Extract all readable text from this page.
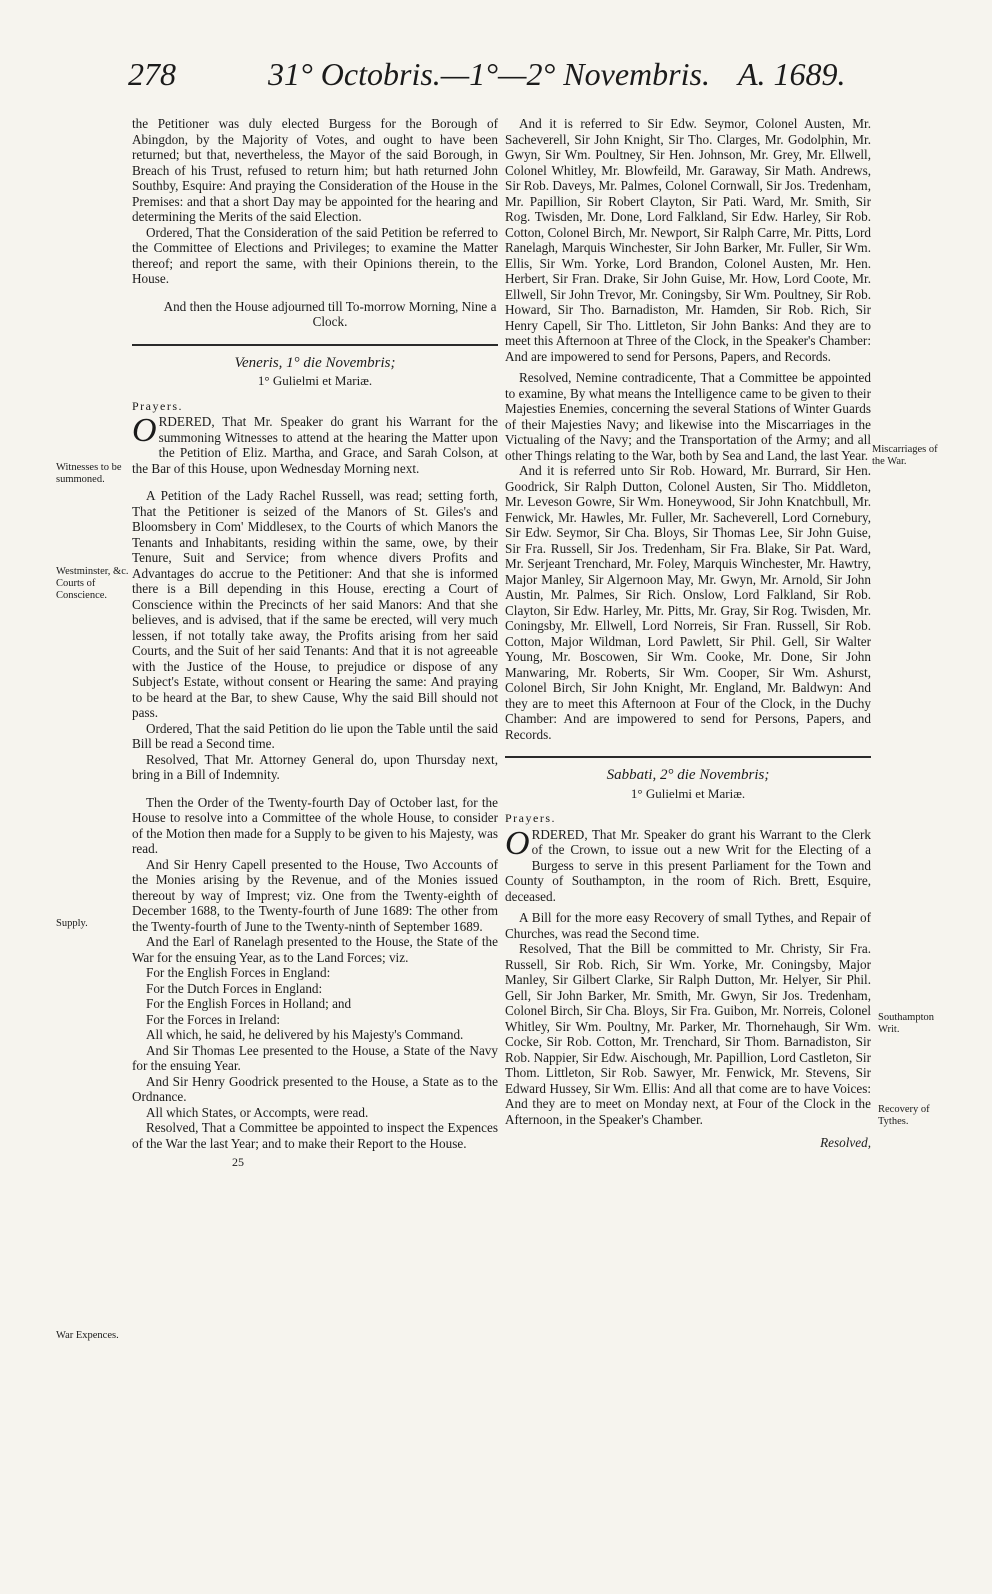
278	31° Octobris.—1°—2° Novembris. A. 1689.

the Petitioner was duly elected Burgess for the Borough of Abingdon, by the Majority of Votes, and ought to have been returned; but that, nevertheless, the Mayor of the said Borough, in Breach of his Trust, refused to return him; but hath returned John Southby, Esquire: And praying the Consideration of the House in the Premises: and that a short Day may be appointed for the hearing and determining the Merits of the said Election.

Ordered, That the Consideration of the said Petition be referred to the Committee of Elections and Privileges; to examine the Matter thereof; and report the same, with their Opinions therein, to the House.

And then the House adjourned till To-morrow Morning, Nine a Clock.

Veneris, 1° die Novembris;
1° Gulielmi et Mariæ.

Prayers.

ORDERED, That Mr. Speaker do grant his Warrant for the summoning Witnesses to attend at the hearing the Matter upon the Petition of Eliz. Martha, and Grace, and Sarah Colson, at the Bar of this House, upon Wednesday Morning next.

A Petition of the Lady Rachel Russell, was read; setting forth, That the Petitioner is seized of the Manors of St. Giles's and Bloomsbery in Com' Middlesex, to the Courts of which Manors the Tenants and Inhabitants, residing within the same, owe, by their Tenure, Suit and Service; from whence divers Profits and Advantages do accrue to the Petitioner: And that she is informed there is a Bill depending in this House, erecting a Court of Conscience within the Precincts of her said Manors: And that she believes, and is advised, that if the same be erected, will very much lessen, if not totally take away, the Profits arising from her said Courts, and the Suit of her said Tenants: And that it is not agreeable with the Justice of the House, to prejudice or dispose of any Subject's Estate, without consent or Hearing the same: And praying to be heard at the Bar, to shew Cause, Why the said Bill should not pass.

Ordered, That the said Petition do lie upon the Table until the said Bill be read a Second time.

Resolved, That Mr. Attorney General do, upon Thursday next, bring in a Bill of Indemnity.

Then the Order of the Twenty-fourth Day of October last, for the House to resolve into a Committee of the whole House, to consider of the Motion then made for a Supply to be given to his Majesty, was read.

And Sir Henry Capell presented to the House, Two Accounts of the Monies arising by the Revenue, and of the Monies issued thereout by way of Imprest; viz. One from the Twenty-eighth of December 1688, to the Twenty-fourth of June 1689: The other from the Twenty-fourth of June to the Twenty-ninth of September 1689.

And the Earl of Ranelagh presented to the House, the State of the War for the ensuing Year, as to the Land Forces; viz.

For the English Forces in England:

For the Dutch Forces in England:

For the English Forces in Holland; and

For the Forces in Ireland:

All which, he said, he delivered by his Majesty's Command.

And Sir Thomas Lee presented to the House, a State of the Navy for the ensuing Year.

And Sir Henry Goodrick presented to the House, a State as to the Ordnance.

All which States, or Accompts, were read.

Resolved, That a Committee be appointed to inspect the Expences of the War the last Year; and to make their Report to the House.

25

And it is referred to Sir Edw. Seymor, Colonel Austen, Mr. Sacheverell, Sir John Knight, Sir Tho. Clarges, Mr. Godolphin, Mr. Gwyn, Sir Wm. Poultney, Sir Hen. Johnson, Mr. Grey, Mr. Ellwell, Colonel Whitley, Mr. Blowfeild, Mr. Garaway, Sir Math. Andrews, Sir Rob. Daveys, Mr. Palmes, Colonel Cornwall, Sir Jos. Tredenham, Mr. Papillion, Sir Robert Clayton, Sir Pati. Ward, Mr. Smith, Sir Rog. Twisden, Mr. Done, Lord Falkland, Sir Edw. Harley, Sir Rob. Cotton, Colonel Birch, Mr. Newport, Sir Ralph Carre, Mr. Pitts, Lord Ranelagh, Marquis Winchester, Sir John Barker, Mr. Fuller, Sir Wm. Ellis, Sir Wm. Yorke, Lord Brandon, Colonel Austen, Mr. Hen. Herbert, Sir Fran. Drake, Sir John Guise, Mr. How, Lord Coote, Mr. Ellwell, Sir John Trevor, Mr. Coningsby, Sir Wm. Poultney, Sir Rob. Howard, Sir Tho. Barnadiston, Mr. Hamden, Sir Rob. Rich, Sir Henry Capell, Sir Tho. Littleton, Sir John Banks: And they are to meet this Afternoon at Three of the Clock, in the Speaker's Chamber: And are impowered to send for Persons, Papers, and Records.

Resolved, Nemine contradicente, That a Committee be appointed to examine, By what means the Intelligence came to be given to their Majesties Enemies, concerning the several Stations of Winter Guards of their Majesties Navy; and likewise into the Miscarriages in the Victualing of the Navy; and the Transportation of the Army; and all other Things relating to the War, both by Sea and Land, the last Year.

And it is referred unto Sir Rob. Howard, Mr. Burrard, Sir Hen. Goodrick, Sir Ralph Dutton, Colonel Austen, Sir Tho. Middleton, Mr. Leveson Gowre, Sir Wm. Honeywood, Sir John Knatchbull, Mr. Fenwick, Mr. Hawles, Mr. Fuller, Mr. Sacheverell, Lord Cornebury, Sir Edw. Seymor, Sir Cha. Bloys, Sir Thomas Lee, Sir John Guise, Sir Fra. Russell, Sir Jos. Tredenham, Sir Fra. Blake, Sir Pat. Ward, Mr. Serjeant Trenchard, Mr. Foley, Marquis Winchester, Mr. Hawtry, Major Manley, Sir Algernoon May, Mr. Gwyn, Mr. Arnold, Sir John Austin, Mr. Palmes, Sir Rich. Onslow, Lord Falkland, Sir Rob. Clayton, Sir Edw. Harley, Mr. Pitts, Mr. Gray, Sir Rog. Twisden, Mr. Coningsby, Mr. Ellwell, Lord Norreis, Sir Fran. Russell, Sir Rob. Cotton, Major Wildman, Lord Pawlett, Sir Phil. Gell, Sir Walter Young, Mr. Boscowen, Sir Wm. Cooke, Mr. Done, Sir John Manwaring, Mr. Roberts, Sir Wm. Cooper, Sir Wm. Ashurst, Colonel Birch, Sir John Knight, Mr. England, Mr. Baldwyn: And they are to meet this Afternoon at Four of the Clock, in the Duchy Chamber: And are impowered to send for Persons, Papers, and Records.

Sabbati, 2° die Novembris;
1° Gulielmi et Mariæ.

Prayers.

ORDERED, That Mr. Speaker do grant his Warrant to the Clerk of the Crown, to issue out a new Writ for the Electing of a Burgess to serve in this present Parliament for the Town and County of Southampton, in the room of Rich. Brett, Esquire, deceased.

A Bill for the more easy Recovery of small Tythes, and Repair of Churches, was read the Second time.

Resolved, That the Bill be committed to Mr. Christy, Sir Fra. Russell, Sir Rob. Rich, Sir Wm. Yorke, Mr. Coningsby, Major Manley, Sir Gilbert Clarke, Sir Ralph Dutton, Mr. Helyer, Sir Phil. Gell, Sir John Barker, Mr. Smith, Mr. Gwyn, Sir Jos. Tredenham, Colonel Birch, Sir Cha. Bloys, Sir Fra. Guibon, Mr. Norreis, Colonel Whitley, Sir Wm. Poultny, Mr. Parker, Mr. Thornehaugh, Sir Wm. Cocke, Sir Rob. Cotton, Mr. Trenchard, Sir Thom. Barnadiston, Sir Rob. Nappier, Sir Edw. Aischough, Mr. Papillion, Lord Castleton, Sir Thom. Littleton, Sir Rob. Sawyer, Mr. Fenwick, Mr. Stevens, Sir Edward Hussey, Sir Wm. Ellis: And all that come are to have Voices: And they are to meet on Monday next, at Four of the Clock in the Afternoon, in the Speaker's Chamber.

Resolved,
Witnesses to be summoned.
Westminster, &c. Courts of Conscience.
Supply.
War Expences.
Miscarriages of the War.
Southampton Writ.
Recovery of Tythes.
